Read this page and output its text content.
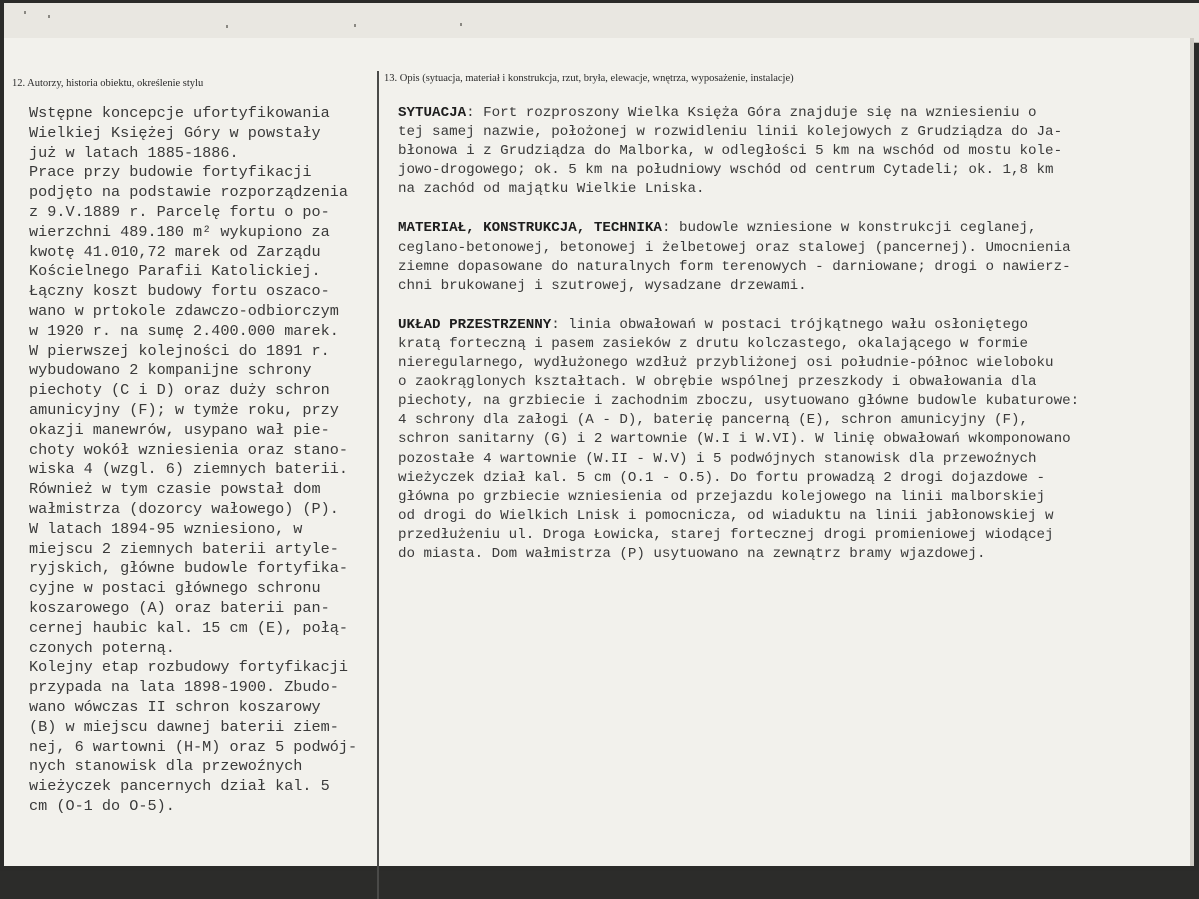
12. Autorzy, historia obiektu, określenie stylu	13. Opis (sytuacja, materiał i konstrukcja, rzut, bryła, elewacje, wnętrza, wyposażenie, instalacje)
Wstępne koncepcje ufortyfikowania
Wielkiej Księżej Góry w powstały
już w latach 1885-1886.
Prace przy budowie fortyfikacji
podjęto na podstawie rozporządzenia
z 9.V.1889 r. Parcelę fortu o po-
wierzchni 489.180 m² wykupiono za
kwotę 41.010,72 marek od Zarządu
Kościelnego Parafii Katolickiej.
Łączny koszt budowy fortu oszaco-
wano w prtokole zdawczo-odbiorczym
w 1920 r. na sumę 2.400.000 marek.
W pierwszej kolejności do 1891 r.
wybudowano 2 kompanijne schrony
piechoty (C i D) oraz duży schron
amunicyjny (F); w tymże roku, przy
okazji manewrów, usypano wał pie-
choty wokół wzniesienia oraz stano-
wiska 4 (wzgl. 6) ziemnych baterii.
Również w tym czasie powstał dom
wałmistrza (dozorcy wałowego) (P).
W latach 1894-95 wzniesiono, w
miejscu 2 ziemnych baterii artyle-
ryjskich, główne budowle fortyfika-
cyjne w postaci głównego schronu
koszarowego (A) oraz baterii pan-
cernej haubic kal. 15 cm (E), połą-
czonych poterną.
Kolejny etap rozbudowy fortyfikacji
przypada na lata 1898-1900. Zbudo-
wano wówczas II schron koszarowy
(B) w miejscu dawnej baterii ziem-
nej, 6 wartowni (H-M) oraz 5 podwój-
nych stanowisk dla przewoźnych
wieżyczek pancernych dział kal. 5
cm (O-1 do O-5).

SYTUACJA: Fort rozproszony Wielka Księża Góra znajduje się na wzniesieniu o
tej samej nazwie, położonej w rozwidleniu linii kolejowych z Grudziądza do Ja-
błonowa i z Grudziądza do Malborka, w odległości 5 km na wschód od mostu kole-
jowo-drogowego; ok. 5 km na południowy wschód od centrum Cytadeli; ok. 1,8 km
na zachód od majątku Wielkie Lniska.

MATERIAŁ, KONSTRUKCJA, TECHNIKA: budowle wzniesione w konstrukcji ceglanej,
ceglano-betonowej, betonowej i żelbetowej oraz stalowej (pancernej). Umocnienia
ziemne dopasowane do naturalnych form terenowych - darniowane; drogi o nawierz-
chni brukowanej i szutrowej, wysadzane drzewami.

UKŁAD PRZESTRZENNY: linia obwałowań w postaci trójkątnego wału osłoniętego
kratą forteczną i pasem zasieków z drutu kolczastego, okalającego w formie
nieregularnego, wydłużonego wzdłuż przybliżonej osi południe-północ wieloboku
o zaokrąglonych kształtach. W obrębie wspólnej przeszkody i obwałowania dla
piechoty, na grzbiecie i zachodnim zboczu, usytuowano główne budowle kubaturowe:
4 schrony dla załogi (A - D), baterię pancerną (E), schron amunicyjny (F),
schron sanitarny (G) i 2 wartownie (W.I i W.VI). W linię obwałowań wkomponowano
pozostałe 4 wartownie (W.II - W.V) i 5 podwójnych stanowisk dla przewoźnych
wieżyczek dział kal. 5 cm (O.1 - O.5). Do fortu prowadzą 2 drogi dojazdowe -
główna po grzbiecie wzniesienia od przejazdu kolejowego na linii malborskiej
od drogi do Wielkich Lnisk i pomocnicza, od wiaduktu na linii jabłonowskiej w
przedłużeniu ul. Droga Łowicka, starej fortecznej drogi promieniowej wiodącej
do miasta. Dom wałmistrza (P) usytuowano na zewnątrz bramy wjazdowej.
